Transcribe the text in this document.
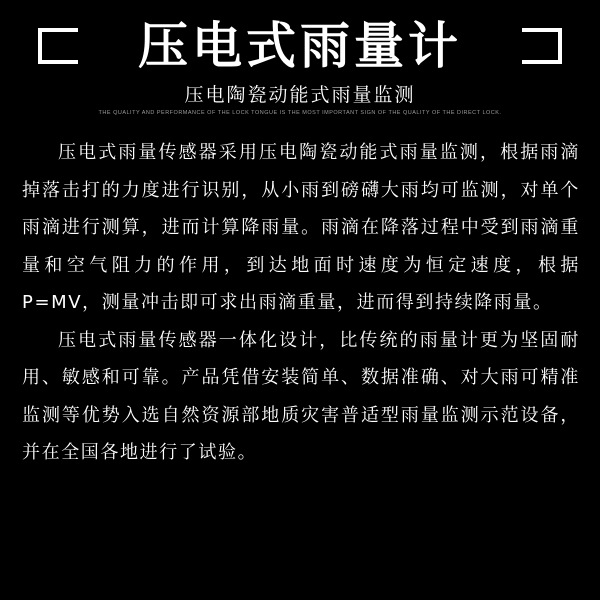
压电式雨量计
压电陶瓷动能式雨量监测
THE QUALITY AND PERFORMANCE OF THE LOCK TONGUE IS THE MOST IMPORTANT SIGN OF THE QUALITY OF THE DIRECT LOCK.

压电式雨量传感器采用压电陶瓷动能式雨量监测，根据雨滴掉落击打的力度进行识别，从小雨到磅礴大雨均可监测，对单个雨滴进行测算，进而计算降雨量。雨滴在降落过程中受到雨滴重量和空气阻力的作用，到达地面时速度为恒定速度，根据P=MV，测量冲击即可求出雨滴重量，进而得到持续降雨量。

压电式雨量传感器一体化设计，比传统的雨量计更为坚固耐用、敏感和可靠。产品凭借安装简单、数据准确、对大雨可精准监测等优势入选自然资源部地质灾害普适型雨量监测示范设备，并在全国各地进行了试验。
